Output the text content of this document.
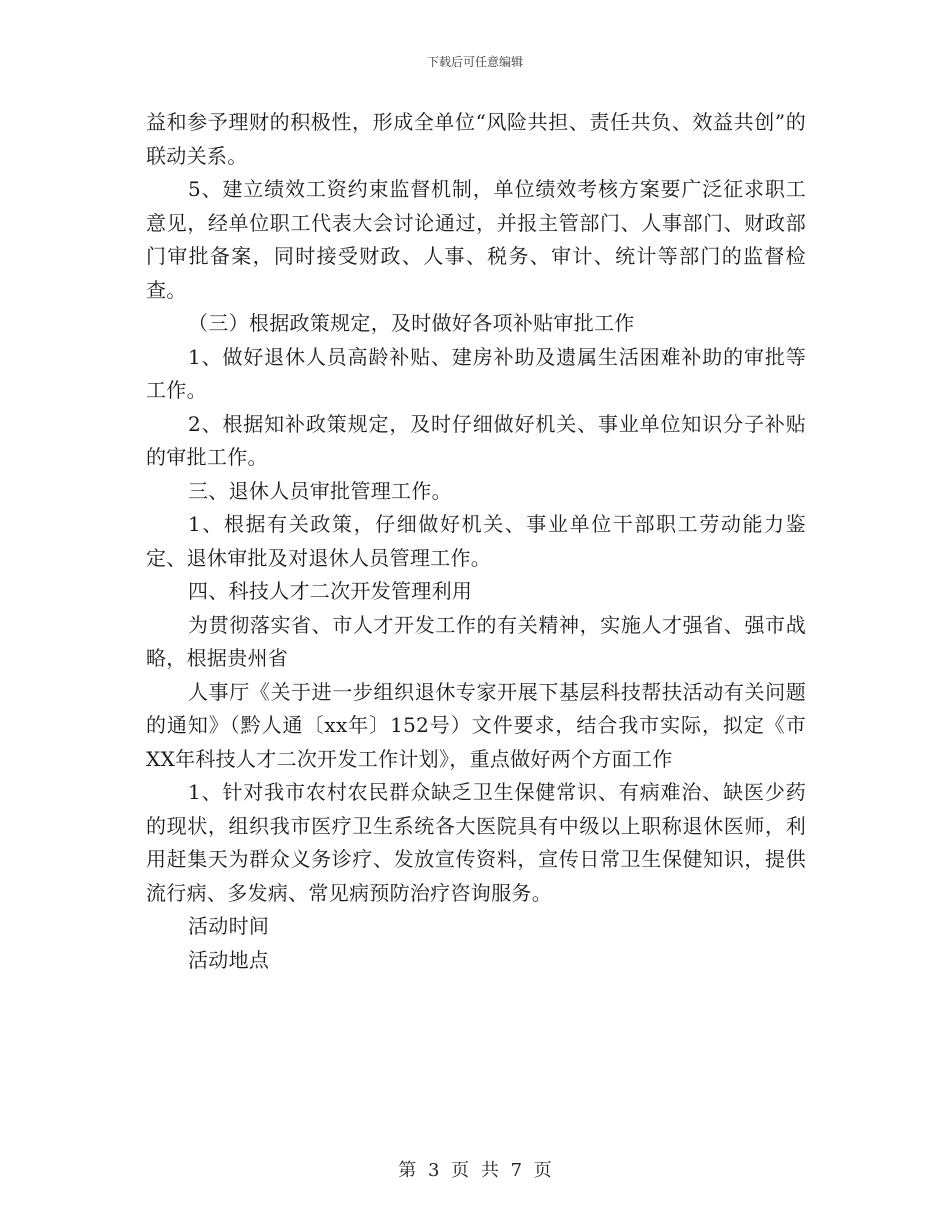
下载后可任意编辑

益和参予理财的积极性，形成全单位“风险共担、责任共负、效益共创”的联动关系。

5、建立绩效工资约束监督机制，单位绩效考核方案要广泛征求职工意见，经单位职工代表大会讨论通过，并报主管部门、人事部门、财政部门审批备案，同时接受财政、人事、税务、审计、统计等部门的监督检查。

（三）根据政策规定，及时做好各项补贴审批工作

1、做好退休人员高龄补贴、建房补助及遗属生活困难补助的审批等工作。

2、根据知补政策规定，及时仔细做好机关、事业单位知识分子补贴的审批工作。

三、退休人员审批管理工作。

1、根据有关政策，仔细做好机关、事业单位干部职工劳动能力鉴定、退休审批及对退休人员管理工作。

四、科技人才二次开发管理利用

为贯彻落实省、市人才开发工作的有关精神，实施人才强省、强市战略，根据贵州省

人事厅《关于进一步组织退休专家开展下基层科技帮扶活动有关问题的通知》（黔人通〔xx年〕152号）文件要求，结合我市实际，拟定《市XX年科技人才二次开发工作计划》，重点做好两个方面工作

1、针对我市农村农民群众缺乏卫生保健常识、有病难治、缺医少药的现状，组织我市医疗卫生系统各大医院具有中级以上职称退休医师，利用赶集天为群众义务诊疗、发放宣传资料，宣传日常卫生保健知识，提供流行病、多发病、常见病预防治疗咨询服务。

活动时间

活动地点

第 3 页 共 7 页
